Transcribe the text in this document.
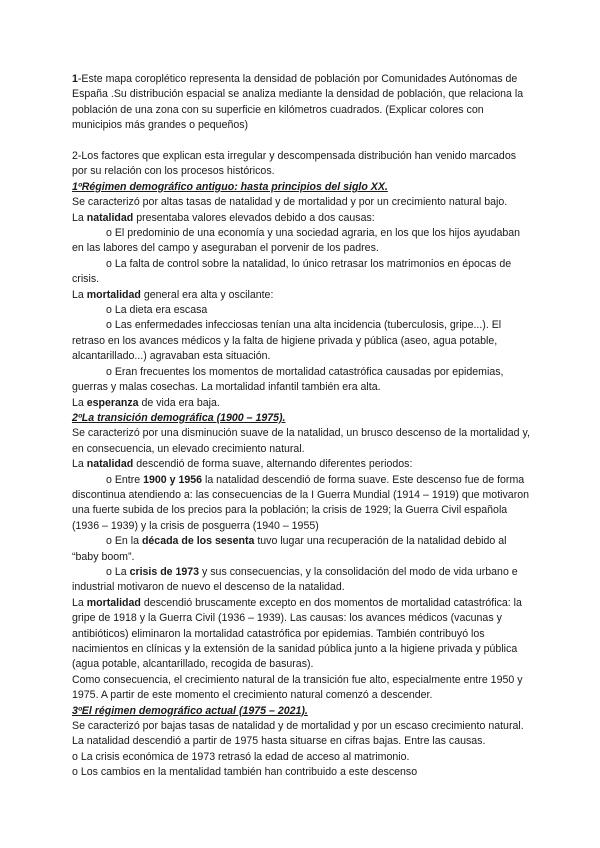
1-Este mapa coroplético representa la densidad de población por Comunidades Autónomas de España .Su distribución espacial se analiza mediante la densidad de población, que relaciona la población de una zona con su superficie en kilómetros cuadrados. (Explicar colores con municipios más grandes o pequeños)

2-Los factores que explican esta irregular y descompensada distribución han venido marcados por su relación con los procesos históricos.

1ºRégimen demográfico antiguo: hasta principios del siglo XX.

Se caracterizó por altas tasas de natalidad y de mortalidad y por un crecimiento natural bajo.

La natalidad presentaba valores elevados debido a dos causas:

o El predominio de una economía y una sociedad agraria, en los que los hijos ayudaban en las labores del campo y aseguraban el porvenir de los padres.

o La falta de control sobre la natalidad, lo único retrasar los matrimonios en épocas de crisis.

La mortalidad general era alta y oscilante:

o La dieta era escasa

o Las enfermedades infecciosas tenían una alta incidencia (tuberculosis, gripe...). El retraso en los avances médicos y la falta de higiene privada y pública (aseo, agua potable, alcantarillado...) agravaban esta situación.

o Eran frecuentes los momentos de mortalidad catastrófica causadas por epidemias, guerras y malas cosechas. La mortalidad infantil también era alta.

La esperanza de vida era baja.

2ºLa transición demográfica (1900 – 1975).

Se caracterizó por una disminución suave de la natalidad, un brusco descenso de la mortalidad y, en consecuencia, un elevado crecimiento natural.

La natalidad descendió de forma suave, alternando diferentes periodos:

o Entre 1900 y 1956 la natalidad descendió de forma suave. Este descenso fue de forma discontinua atendiendo a: las consecuencias de la I Guerra Mundial (1914 – 1919) que motivaron una fuerte subida de los precios para la población; la crisis de 1929; la Guerra Civil española (1936 – 1939) y la crisis de posguerra (1940 – 1955)

o En la década de los sesenta tuvo lugar una recuperación de la natalidad debido al “baby boom”.

o La crisis de 1973 y sus consecuencias, y la consolidación del modo de vida urbano e industrial motivaron de nuevo el descenso de la natalidad.

La mortalidad descendió bruscamente excepto en dos momentos de mortalidad catastrófica: la gripe de 1918 y la Guerra Civil (1936 – 1939). Las causas: los avances médicos (vacunas y antibióticos) eliminaron la mortalidad catastrófica por epidemias. También contribuyó los nacimientos en clínicas y la extensión de la sanidad pública junto a la higiene privada y pública (agua potable, alcantarillado, recogida de basuras).

Como consecuencia, el crecimiento natural de la transición fue alto, especialmente entre 1950 y 1975. A partir de este momento el crecimiento natural comenzó a descender.

3ºEl régimen demográfico actual (1975 – 2021).

Se caracterizó por bajas tasas de natalidad y de mortalidad y por un escaso crecimiento natural.

La natalidad descendió a partir de 1975 hasta situarse en cifras bajas. Entre las causas.

o La crisis económica de 1973 retrasó la edad de acceso al matrimonio.

o Los cambios en la mentalidad también han contribuido a este descenso
